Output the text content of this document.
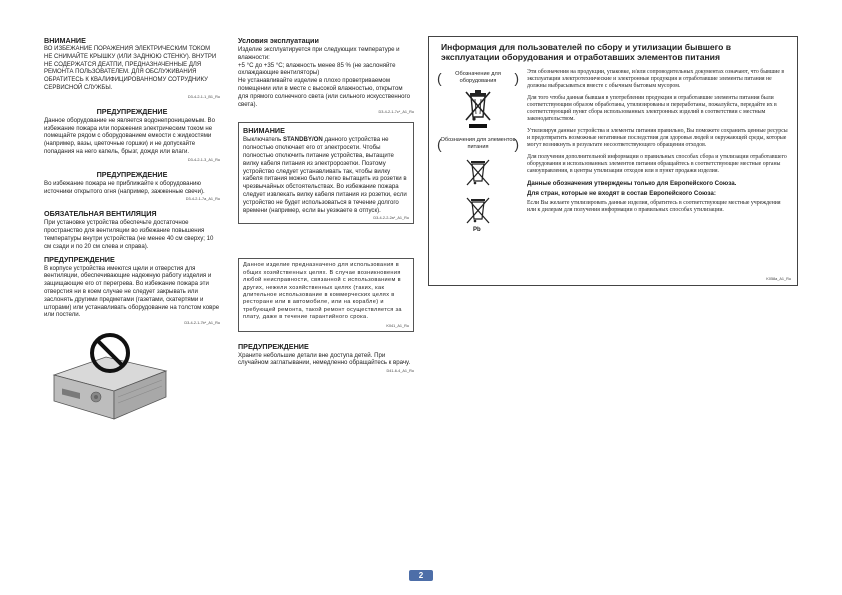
ВНИМАНИЕ

ВО ИЗБЕЖАНИЕ ПОРАЖЕНИЯ ЭЛЕКТРИЧЕСКИМ ТОКОМ НЕ СНИМАЙТЕ КРЫШКУ (ИЛИ ЗАДНЮЮ СТЕНКУ). ВНУТРИ НЕ СОДЕРЖАТСЯ ДЕАТПИ, ПРЕДНАЗНАЧЕННЫЕ ДЛЯ РЕМОНТА ПОЛЬЗОВАТЕЛЕМ. ДЛЯ ОБСЛУЖИВАНИЯ ОБРАТИТЕСЬ К КВАЛИФИЦИРОВАННОМУ СОТРУДНИКУ СЕРВИСНОЙ СЛУЖБЫ.

D3-4-2-1-1_B1_Ru
ПРЕДУПРЕЖДЕНИЕ

Данное оборудование не является водонепроницаемым. Во избежание пожара или поражения электрическим током не помещайте рядом с оборудованием емкости с жидкостями (например, вазы, цветочные горшки) и не допускайте попадания на него капель, брызг, дождя или влаги.

D3-4-2-1-3_A1_Ru
ПРЕДУПРЕЖДЕНИЕ

Во избежание пожара не приближайте к оборудованию источники открытого огня (например, зажженные свечи).

D3-4-2-1-7a_A1_Ru
ОБЯЗАТЕЛЬНАЯ ВЕНТИЛЯЦИЯ

При установке устройства обеспечьте достаточное пространство для вентиляции во избежание повышения температуры внутри устройства (не менее 40 см сверху; 10 см сзади и по 20 см слева и справа).

ПРЕДУПРЕЖДЕНИЕ

В корпусе устройства имеются щели и отверстия для вентиляции, обеспечивающие надежную работу изделия и защищающие его от перегрева. Во избежание пожара эти отверстия ни в коем случае не следует закрывать или заслонять другими предметами (газетами, скатертями и шторами) или устанавливать оборудование на толстом ковре или постели.

D3-4-2-1-7b*_A1_Ru
Условия эксплуатации

Изделие эксплуатируется при следующих температуре и влажности:
+5 °C до +35 °C; влажность менее 85 % (не заслоняйте охлаждающие вентиляторы)
Не устанавливайте изделие в плохо проветриваемом помещении или в месте с высокой влажностью, открытом для прямого солнечного света (или сильного искусственного света).

D3-4-2-1-7c*_A1_Ru
ВНИМАНИЕ

Выключатель STANDBY/ON данного устройства не полностью отключает его от электросети. Чтобы полностью отключить питание устройства, вытащите вилку кабеля питания из электророзетки. Поэтому устройство следует устанавливать так, чтобы вилку кабеля питания можно было легко вытащить из розетки в чрезвычайных обстоятельствах. Во избежание пожара следует извлекать вилку кабеля питания из розетки, если устройство не будет использоваться в течение долгого времени (например, если вы уезжаете в отпуск).

D3-4-2-2-2a*_A1_Ru

Данное изделие предназначено для использования в общих хозяйственных целях. В случае возникновения любой неисправности, связанной с использованием в других, нежели хозяйственных целях (таких, как длительное использование в коммерческих целях в ресторане или в автомобиле, или на корабле) и требующей ремонта, такой ремонт осуществляется за плату, даже в течение гарантийного срока.

K041_A1_Ru
ПРЕДУПРЕЖДЕНИЕ

Храните небольшие детали вне доступа детей. При случайном заглатывании, немедленно обращайтесь к врачу.

D41-6-4_A1_Ru
Информация для пользователей по сбору и утилизации бывшего в эксплуатации оборудования и отработавших элементов питания
( Обозначение для оборудования )
(
Обозначения для элементов питания )
Pb

Эти обозначения на продукции, упаковке, и/или сопроводительных документах означают, что бывшие в эксплуатации электротехнические и электронные продукция и отработавшие элементы питания не должны выбрасываться вместе с обычным бытовым мусором.

Для того чтобы данная бывшая в употреблении продукция и отработавшие элементы питания были соответствующим образом обработаны, утилизированы и переработаны, пожалуйста, передайте их в соответствующий пункт сбора использованных электронных изделий в соответствии с местным законодательством.

Утилизируя данные устройства и элементы питания правильно, Вы поможете сохранить ценные ресурсы и предотвратить возможные негативные последствия для здоровья людей и окружающей среды, которые могут возникнуть в результате несоответствующего обращения отходов.

Для получения дополнительной информации о правильных способах сбора и утилизации отработавшего оборудования и использованных элементов питания обращайтесь в соответствующие местные органы самоуправления, в центры утилизации отходов или в пункт продажи изделия.

Данные обозначения утверждены только для Европейского Союза.

Для стран, которые не входят в состав Европейского Союза:

Если Вы желаете утилизировать данные изделия, обратитесь в соответствующие местные учреждения или к дилерам для получения информации о правильных способах утилизации.

K058a_A1_Ru
2
